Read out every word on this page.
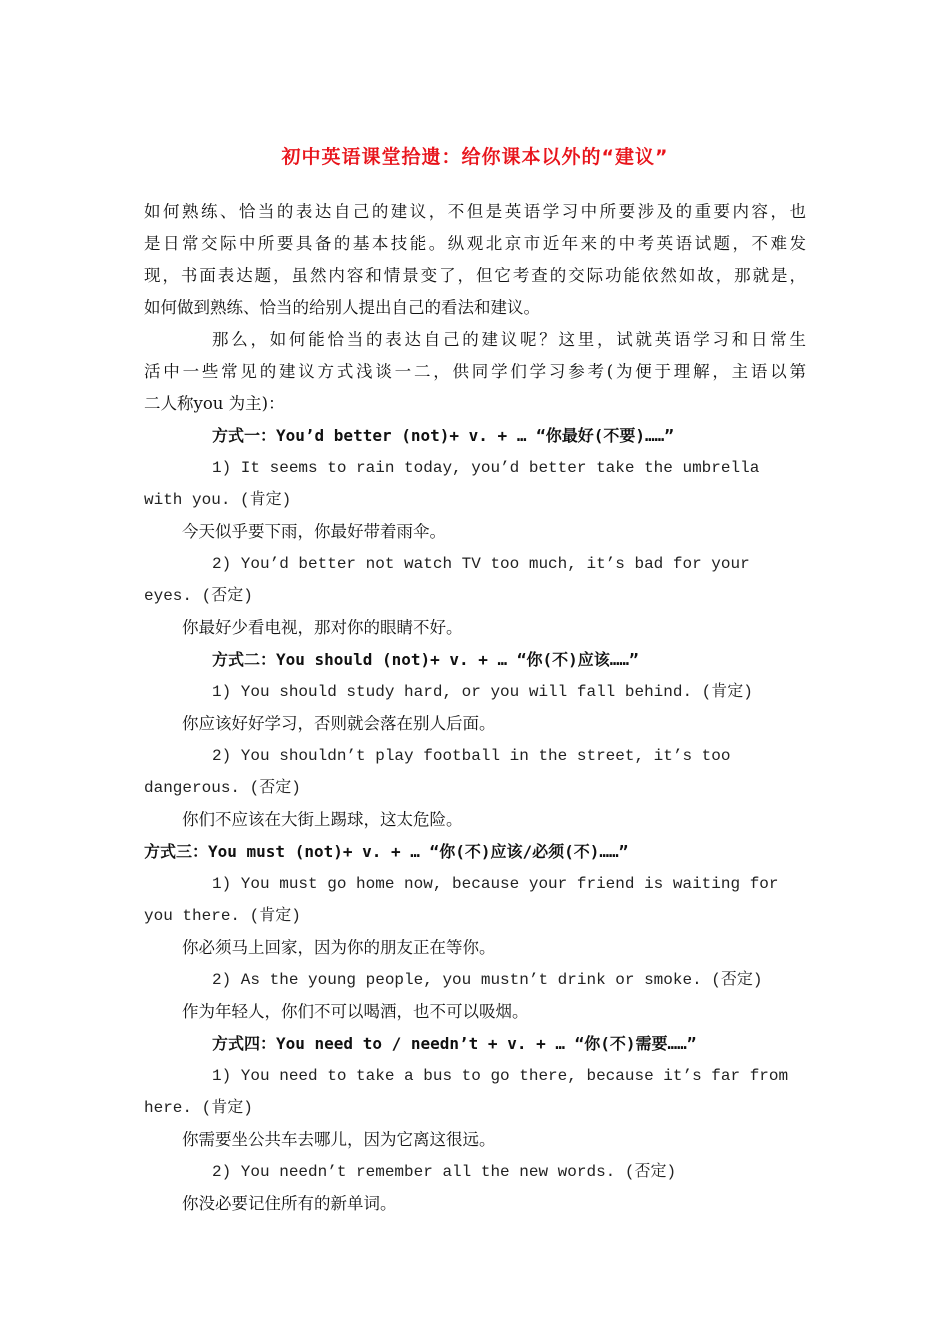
初中英语课堂拾遗：给你课本以外的“建议”
如何熟练、恰当的表达自己的建议，不但是英语学习中所要涉及的重要内容，也
是日常交际中所要具备的基本技能。纵观北京市近年来的中考英语试题，不难发
现，书面表达题，虽然内容和情景变了，但它考查的交际功能依然如故，那就是，
如何做到熟练、恰当的给别人提出自己的看法和建议。
那么，如何能恰当的表达自己的建议呢？这里，试就英语学习和日常生
活中一些常见的建议方式浅谈一二，供同学们学习参考(为便于理解，主语以第
二人称you 为主)：
方式一：You’d better (not)+ v. + … “你最好(不要)……”
1) It seems to rain today, you’d better take the umbrella
with you. (肯定)
今天似乎要下雨，你最好带着雨伞。
2) You’d better not watch TV too much, it’s bad for your
eyes. (否定)
你最好少看电视，那对你的眼睛不好。
方式二：You should (not)+ v. + … “你(不)应该……”
1) You should study hard, or you will fall behind. (肯定)
你应该好好学习，否则就会落在别人后面。
2) You shouldn’t play football in the street, it’s too
dangerous. (否定)
你们不应该在大街上踢球，这太危险。
方式三：You must (not)+ v. + … “你(不)应该/必须(不)……”
1) You must go home now, because your friend is waiting for
you there. (肯定)
你必须马上回家，因为你的朋友正在等你。
2) As the young people, you mustn’t drink or smoke. (否定)
作为年轻人，你们不可以喝酒，也不可以吸烟。
方式四：You need to / needn’t + v. + … “你(不)需要……”
1) You need to take a bus to go there, because it’s far from
here. (肯定)
你需要坐公共车去哪儿，因为它离这很远。
2) You needn’t remember all the new words. (否定)
你没必要记住所有的新单词。
